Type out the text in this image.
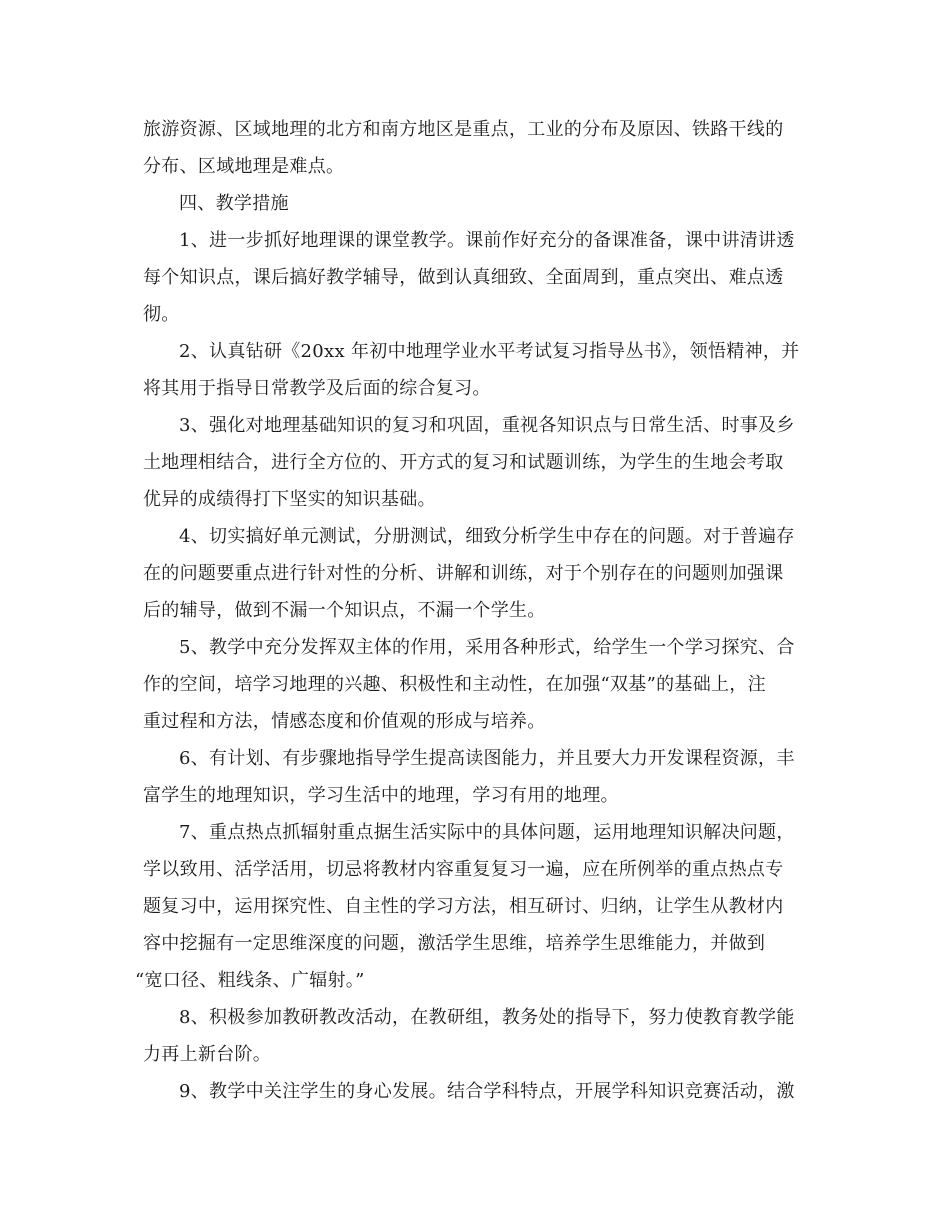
旅游资源、区域地理的北方和南方地区是重点，工业的分布及原因、铁路干线的
分布、区域地理是难点。
四、教学措施
1、进一步抓好地理课的课堂教学。课前作好充分的备课准备，课中讲清讲透
每个知识点，课后搞好教学辅导，做到认真细致、全面周到，重点突出、难点透
彻。
2、认真钻研《20xx 年初中地理学业水平考试复习指导丛书》，领悟精神，并
将其用于指导日常教学及后面的综合复习。
3、强化对地理基础知识的复习和巩固，重视各知识点与日常生活、时事及乡
土地理相结合，进行全方位的、开方式的复习和试题训练，为学生的生地会考取
优异的成绩得打下坚实的知识基础。
4、切实搞好单元测试，分册测试，细致分析学生中存在的问题。对于普遍存
在的问题要重点进行针对性的分析、讲解和训练，对于个别存在的问题则加强课
后的辅导，做到不漏一个知识点，不漏一个学生。
5、教学中充分发挥双主体的作用，采用各种形式，给学生一个学习探究、合
作的空间，培学习地理的兴趣、积极性和主动性，在加强“双基”的基础上，注
重过程和方法，情感态度和价值观的形成与培养。
6、有计划、有步骤地指导学生提高读图能力，并且要大力开发课程资源，丰
富学生的地理知识，学习生活中的地理，学习有用的地理。
7、重点热点抓辐射重点据生活实际中的具体问题，运用地理知识解决问题，
学以致用、活学活用，切忌将教材内容重复复习一遍，应在所例举的重点热点专
题复习中，运用探究性、自主性的学习方法，相互研讨、归纳，让学生从教材内
容中挖掘有一定思维深度的问题，激活学生思维，培养学生思维能力，并做到
“宽口径、粗线条、广辐射。”
8、积极参加教研教改活动，在教研组，教务处的指导下，努力使教育教学能
力再上新台阶。
9、教学中关注学生的身心发展。结合学科特点，开展学科知识竞赛活动，激
